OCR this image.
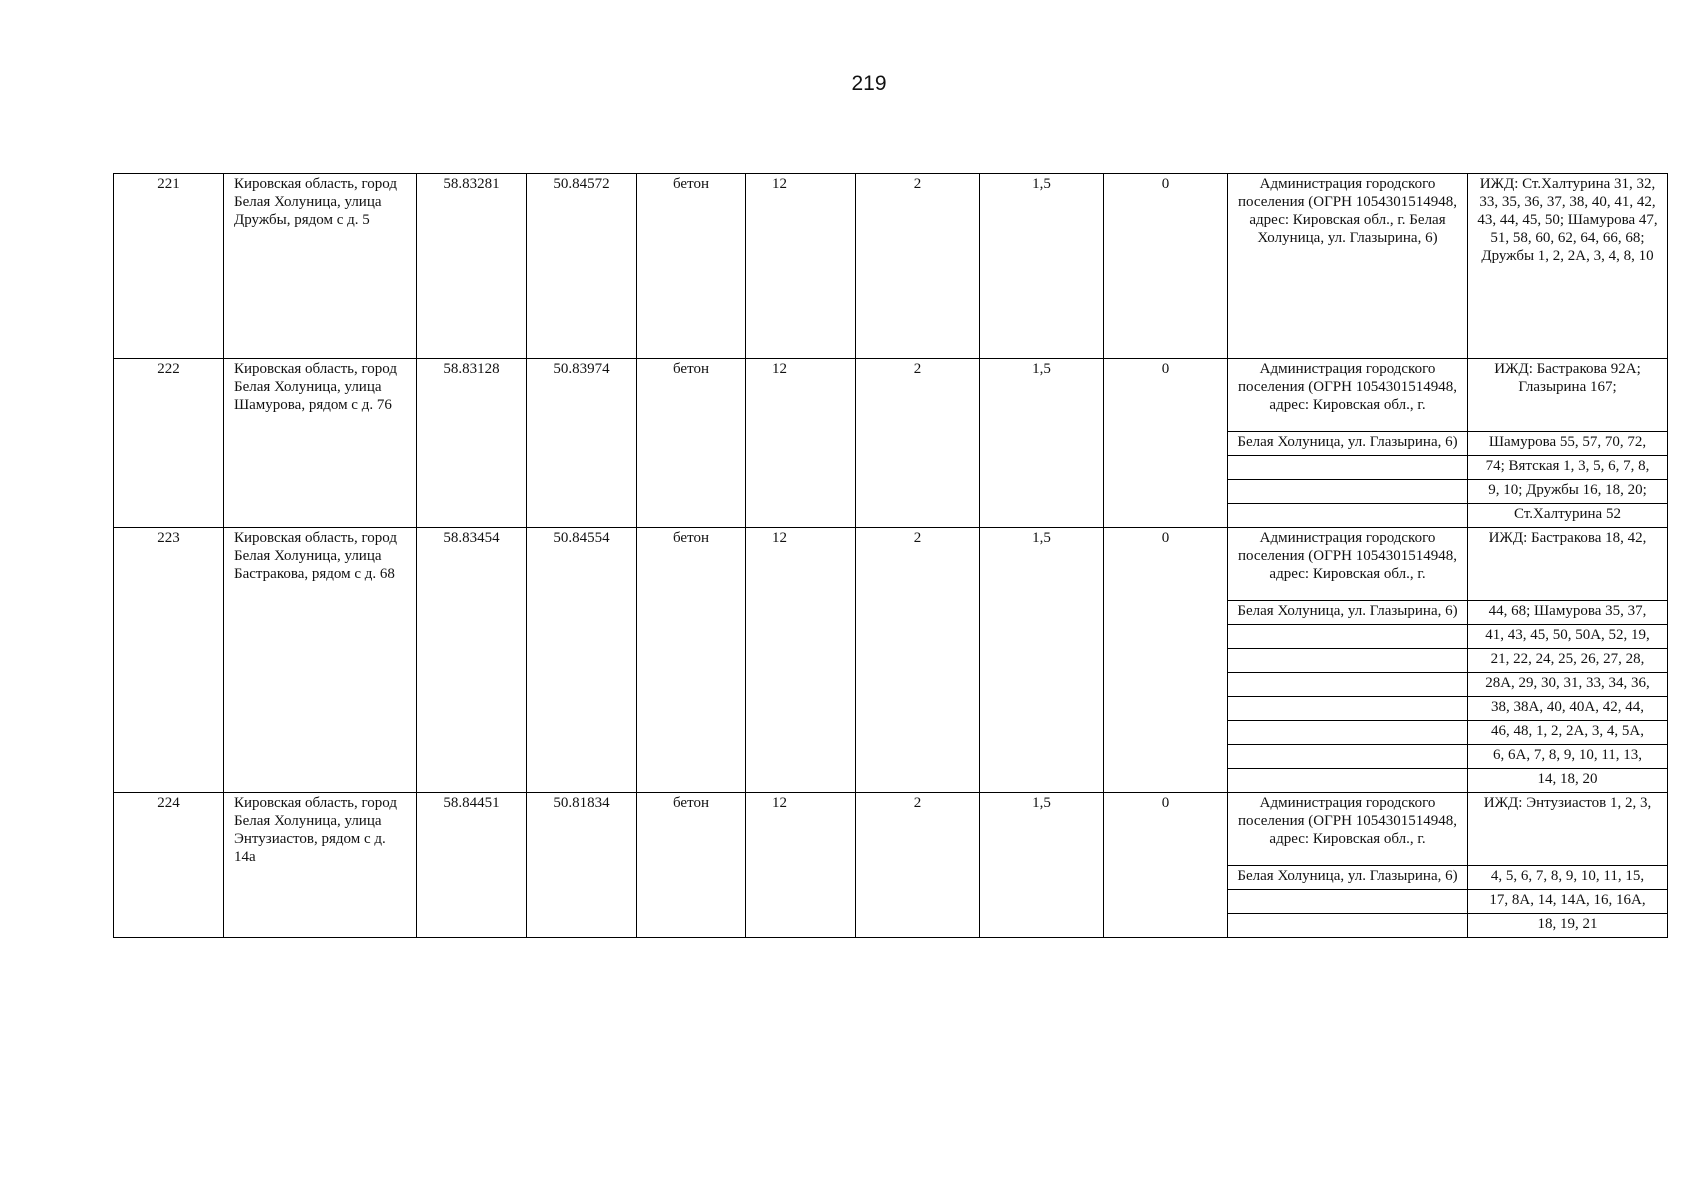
219
221	Кировская область, город Белая Холуница, улица Дружбы, рядом с д. 5	58.83281	50.84572	бетон	12	2	1,5	0	Администрация городского поселения (ОГРН 1054301514948, адрес: Кировская обл., г. Белая Холуница, ул. Глазырина, 6)	ИЖД: Ст.Халтурина 31, 32, 33, 35, 36, 37, 38, 40, 41, 42, 43, 44, 45, 50; Шамурова 47, 51, 58, 60, 62, 64, 66, 68; Дружбы 1, 2, 2А, 3, 4, 8, 10
222	Кировская область, город Белая Холуница, улица Шамурова, рядом с д. 76	58.83128	50.83974	бетон	12	2	1,5	0	Администрация городского поселения (ОГРН 1054301514948, адрес: Кировская обл., г.	ИЖД: Бастракова 92А; Глазырина 167;
									Белая Холуница, ул. Глазырина, 6)	Шамурова 55, 57, 70, 72,
										74; Вятская 1, 3, 5, 6, 7, 8,
										9, 10; Дружбы 16, 18, 20;
										Ст.Халтурина 52
223	Кировская область, город Белая Холуница, улица Бастракова, рядом с д. 68	58.83454	50.84554	бетон	12	2	1,5	0	Администрация городского поселения (ОГРН 1054301514948, адрес: Кировская обл., г.	ИЖД: Бастракова 18, 42,
									Белая Холуница, ул. Глазырина, 6)	44, 68; Шамурова 35, 37,
										41, 43, 45, 50, 50А, 52, 19,
										21, 22, 24, 25, 26, 27, 28,
										28А, 29, 30, 31, 33, 34, 36,
										38, 38А, 40, 40А, 42, 44,
										46, 48, 1, 2, 2А, 3, 4, 5А,
										6, 6А, 7, 8, 9, 10, 11, 13,
										14, 18, 20
224	Кировская область, город Белая Холуница, улица Энтузиастов, рядом с д. 14а	58.84451	50.81834	бетон	12	2	1,5	0	Администрация городского поселения (ОГРН 1054301514948, адрес: Кировская обл., г.	ИЖД: Энтузиастов 1, 2, 3,
									Белая Холуница, ул. Глазырина, 6)	4, 5, 6, 7, 8, 9, 10, 11, 15,
										17, 8А, 14, 14А, 16, 16А,
										18, 19, 21
